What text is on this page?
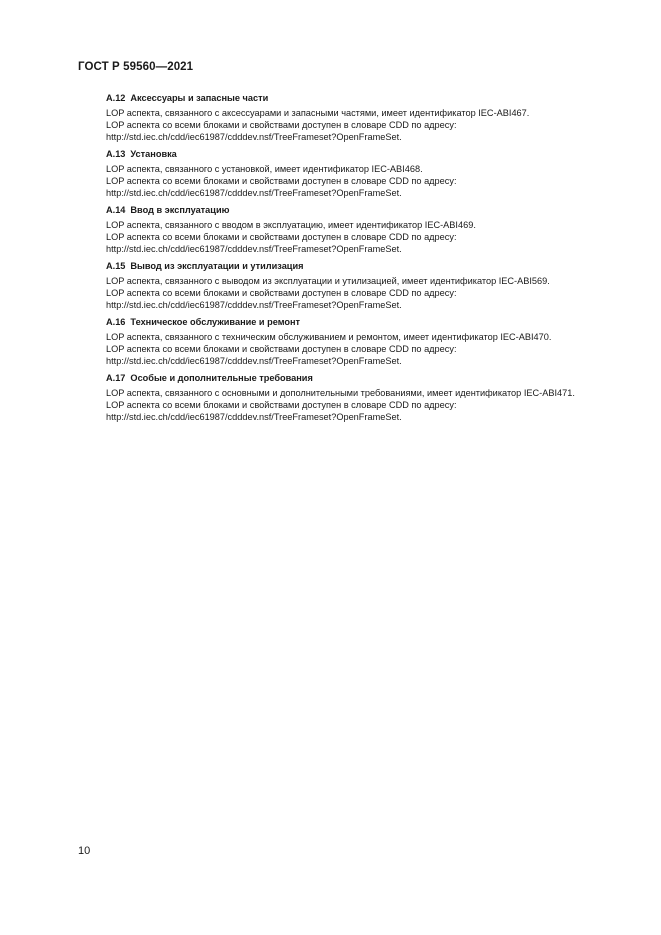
ГОСТ Р 59560—2021
A.12 Аксессуары и запасные части
LOP аспекта, связанного с аксессуарами и запасными частями, имеет идентификатор IEC-ABI467.
LOP аспекта со всеми блоками и свойствами доступен в словаре CDD по адресу:
http://std.iec.ch/cdd/iec61987/cdddev.nsf/TreeFrameset?OpenFrameSet.
A.13 Установка
LOP аспекта, связанного с установкой, имеет идентификатор IEC-ABI468.
LOP аспекта со всеми блоками и свойствами доступен в словаре CDD по адресу:
http://std.iec.ch/cdd/iec61987/cdddev.nsf/TreeFrameset?OpenFrameSet.
A.14 Ввод в эксплуатацию
LOP аспекта, связанного с вводом в эксплуатацию, имеет идентификатор IEC-ABI469.
LOP аспекта со всеми блоками и свойствами доступен в словаре CDD по адресу:
http://std.iec.ch/cdd/iec61987/cdddev.nsf/TreeFrameset?OpenFrameSet.
A.15 Вывод из эксплуатации и утилизация
LOP аспекта, связанного с выводом из эксплуатации и утилизацией, имеет идентификатор IEC-ABI569.
LOP аспекта со всеми блоками и свойствами доступен в словаре CDD по адресу:
http://std.iec.ch/cdd/iec61987/cdddev.nsf/TreeFrameset?OpenFrameSet.
A.16 Техническое обслуживание и ремонт
LOP аспекта, связанного с техническим обслуживанием и ремонтом, имеет идентификатор IEC-ABI470.
LOP аспекта со всеми блоками и свойствами доступен в словаре CDD по адресу:
http://std.iec.ch/cdd/iec61987/cdddev.nsf/TreeFrameset?OpenFrameSet.
A.17 Особые и дополнительные требования
LOP аспекта, связанного с основными и дополнительными требованиями, имеет идентификатор IEC-ABI471.
LOP аспекта со всеми блоками и свойствами доступен в словаре CDD по адресу:
http://std.iec.ch/cdd/iec61987/cdddev.nsf/TreeFrameset?OpenFrameSet.
10
